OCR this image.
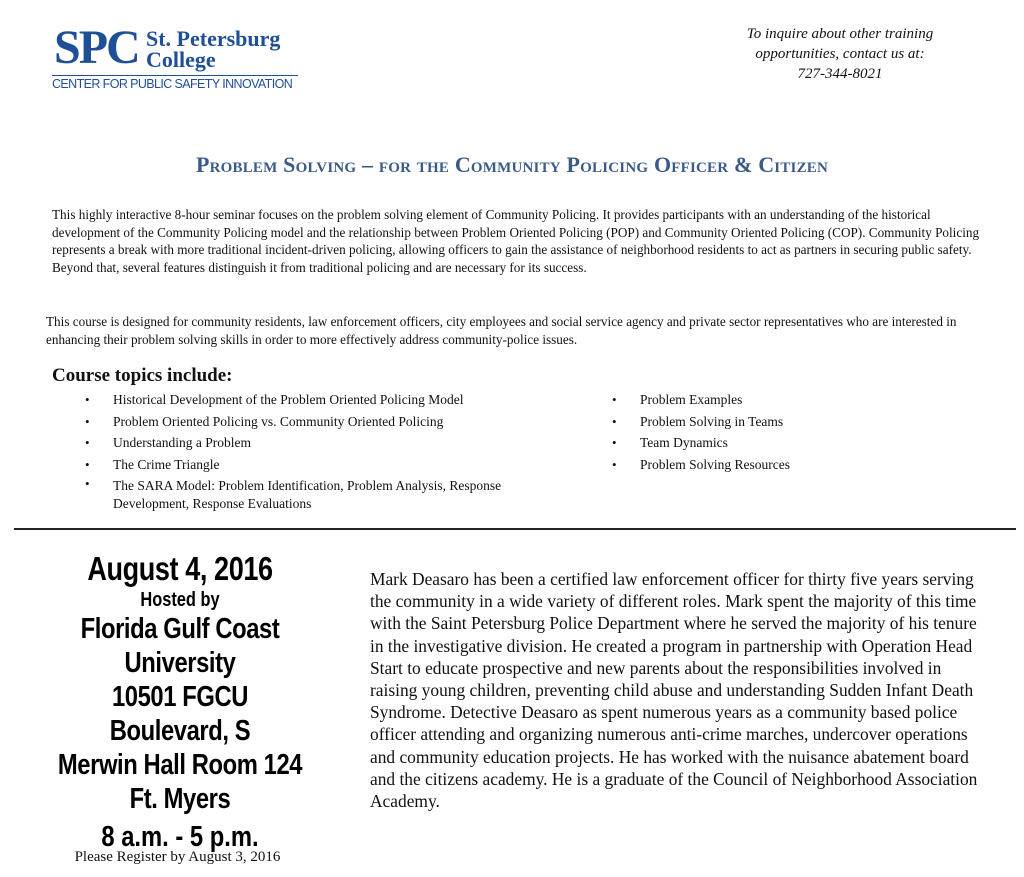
SPC St. Petersburg
College
CENTER FOR PUBLIC SAFETY INNOVATION
To inquire about other training
opportunities, contact us at:
727-344-8021
Problem Solving – for the Community Policing Officer & Citizen
This highly interactive 8-hour seminar focuses on the problem solving element of Community Policing. It provides participants with an understanding of the historical development of the Community Policing model and the relationship between Problem Oriented Policing (POP) and Community Oriented Policing (COP). Community Policing represents a break with more traditional incident-driven policing, allowing officers to gain the assistance of neighborhood residents to act as partners in securing public safety. Beyond that, several features distinguish it from traditional policing and are necessary for its success.
This course is designed for community residents, law enforcement officers, city employees and social service agency and private sector representatives who are interested in enhancing their problem solving skills in order to more effectively address community-police issues.
Course topics include:
•	Historical Development of the Problem Oriented Policing Model
•	Problem Oriented Policing vs. Community Oriented Policing
•	Understanding a Problem
•	The Crime Triangle
•	The SARA Model: Problem Identification, Problem Analysis, Response Development, Response Evaluations
•	Problem Examples
•	Problem Solving in Teams
•	Team Dynamics
•	Problem Solving Resources
August 4, 2016
Hosted by
Florida Gulf Coast
University
10501 FGCU Boulevard, S
Merwin Hall Room 124
Ft. Myers
8 a.m. - 5 p.m.
Please Register by August 3, 2016
Mark Deasaro has been a certified law enforcement officer for thirty five years serving the community in a wide variety of different roles. Mark spent the majority of this time with the Saint Petersburg Police Department where he served the majority of his tenure in the investigative division. He created a program in partnership with Operation Head Start to educate prospective and new parents about the responsibilities involved in raising young children, preventing child abuse and understanding Sudden Infant Death Syndrome. Detective Deasaro as spent numerous years as a community based police officer attending and organizing numerous anti-crime marches, undercover operations and community education projects. He has worked with the nuisance abatement board and the citizens academy. He is a graduate of the Council of Neighborhood Association Academy.
